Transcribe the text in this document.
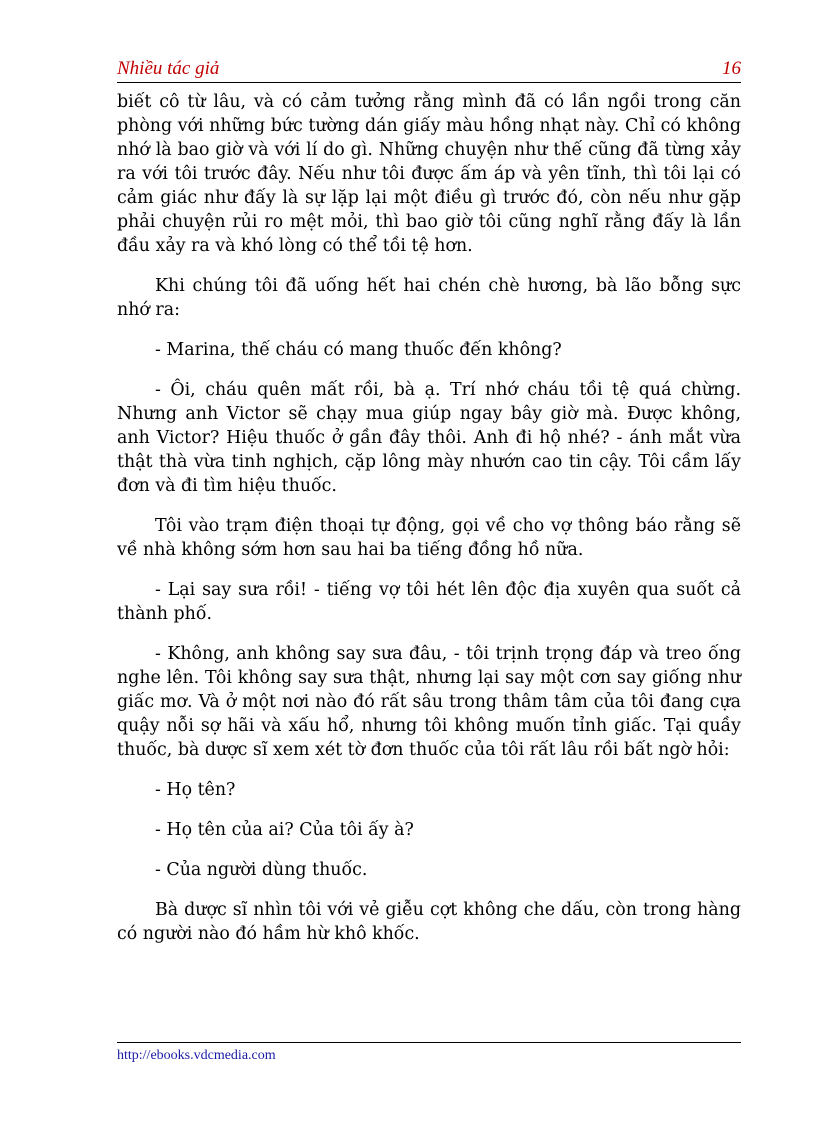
Nhiều tác giả	16

biết cô từ lâu, và có cảm tưởng rằng mình đã có lần ngồi trong căn phòng với những bức tường dán giấy màu hồng nhạt này. Chỉ có không nhớ là bao giờ và với lí do gì. Những chuyện như thế cũng đã từng xảy ra với tôi trước đây. Nếu như tôi được ấm áp và yên tĩnh, thì tôi lại có cảm giác như đấy là sự lặp lại một điều gì trước đó, còn nếu như gặp phải chuyện rủi ro mệt mỏi, thì bao giờ tôi cũng nghĩ rằng đấy là lần đầu xảy ra và khó lòng có thể tồi tệ hơn.

Khi chúng tôi đã uống hết hai chén chè hương, bà lão bỗng sực nhớ ra:

- Marina, thế cháu có mang thuốc đến không?

- Ôi, cháu quên mất rồi, bà ạ. Trí nhớ cháu tồi tệ quá chừng. Nhưng anh Victor sẽ chạy mua giúp ngay bây giờ mà. Được không, anh Victor? Hiệu thuốc ở gần đây thôi. Anh đi hộ nhé? - ánh mắt vừa thật thà vừa tinh nghịch, cặp lông mày nhướn cao tin cậy. Tôi cầm lấy đơn và đi tìm hiệu thuốc.

Tôi vào trạm điện thoại tự động, gọi về cho vợ thông báo rằng sẽ về nhà không sớm hơn sau hai ba tiếng đồng hồ nữa.

- Lại say sưa rồi! - tiếng vợ tôi hét lên độc địa xuyên qua suốt cả thành phố.

- Không, anh không say sưa đâu, - tôi trịnh trọng đáp và treo ống nghe lên. Tôi không say sưa thật, nhưng lại say một cơn say giống như giấc mơ. Và ở một nơi nào đó rất sâu trong thâm tâm của tôi đang cựa quậy nỗi sợ hãi và xấu hổ, nhưng tôi không muốn tỉnh giấc. Tại quầy thuốc, bà dược sĩ xem xét tờ đơn thuốc của tôi rất lâu rồi bất ngờ hỏi:

- Họ tên?

- Họ tên của ai? Của tôi ấy à?

- Của người dùng thuốc.

Bà dược sĩ nhìn tôi với vẻ giễu cợt không che dấu, còn trong hàng có người nào đó hầm hừ khô khốc.

http://ebooks.vdcmedia.com
